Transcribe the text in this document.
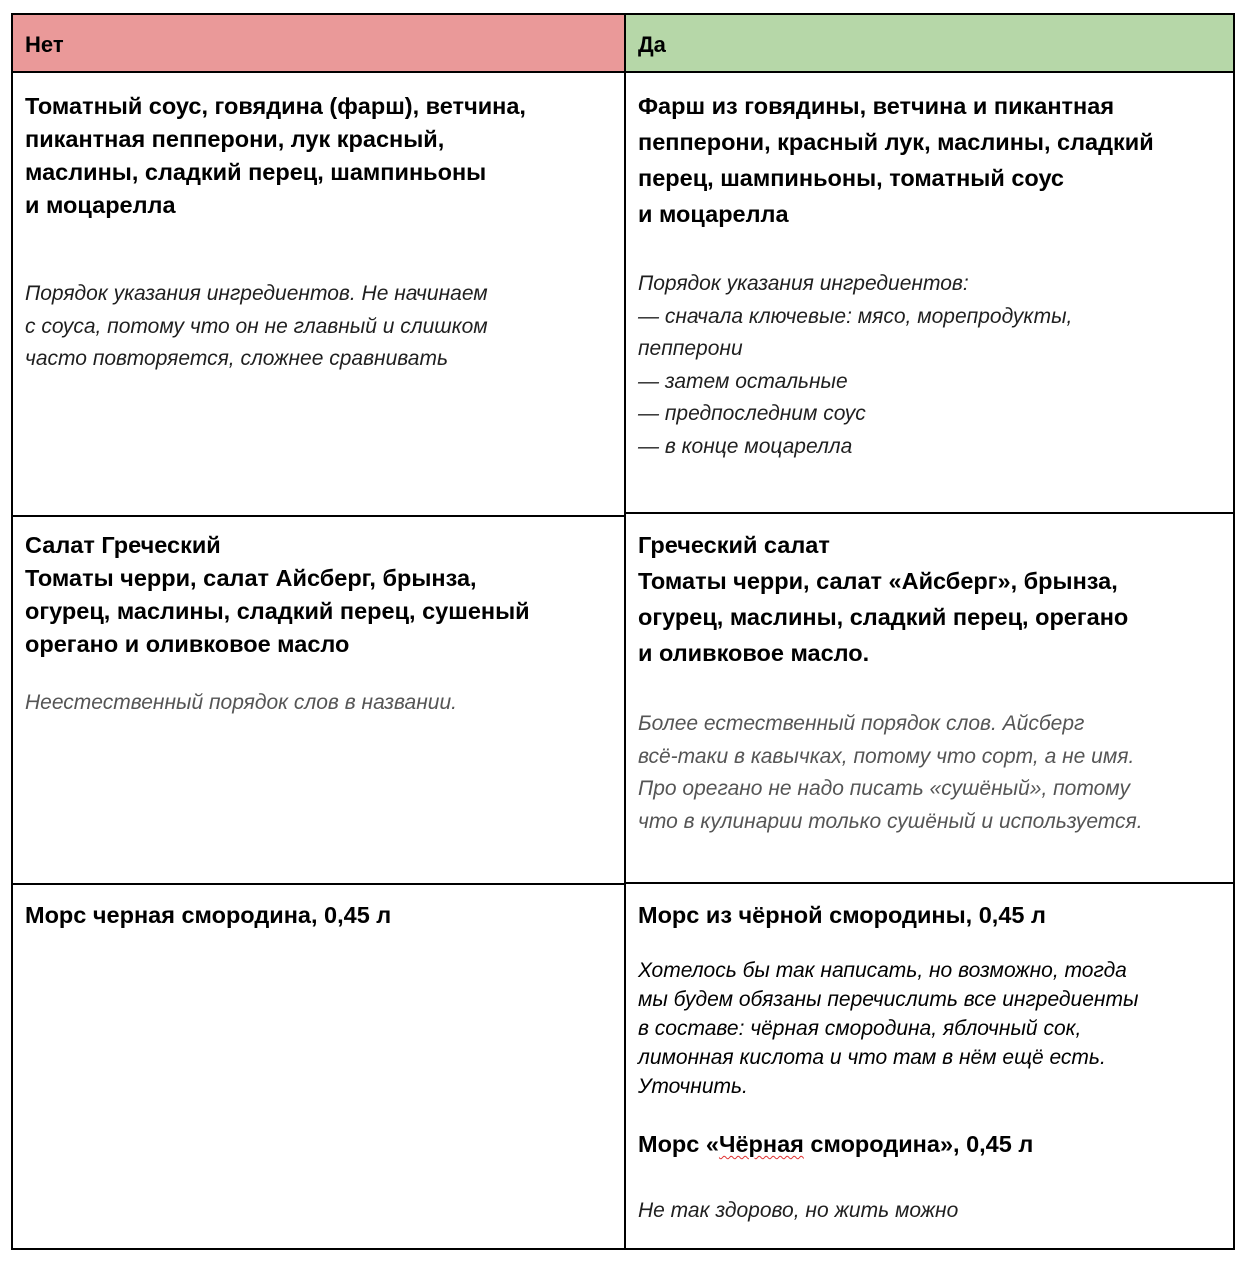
Нет

Томатный соус, говядина (фарш), ветчина,
пикантная пепперони, лук красный,
маслины, сладкий перец, шампиньоны
и моцарелла

Порядок указания ингредиентов. Не начинаем
с соуса, потому что он не главный и слишком
часто повторяется, сложнее сравнивать

Салат Греческий
Томаты черри, салат Айсберг, брынза,
огурец, маслины, сладкий перец, сушеный
орегано и оливковое масло

Неестественный порядок слов в названии.

Морс черная смородина, 0,45 л

Да

Фарш из говядины, ветчина и пикантная
пепперони, красный лук, маслины, сладкий
перец, шампиньоны, томатный соус
и моцарелла

Порядок указания ингредиентов:
— сначала ключевые: мясо, морепродукты,
пепперони
— затем остальные
— предпоследним соус
— в конце моцарелла

Греческий салат
Томаты черри, салат «Айсберг», брынза,
огурец, маслины, сладкий перец, орегано
и оливковое масло.

Более естественный порядок слов. Айсберг
всё-таки в кавычках, потому что сорт, а не имя.
Про орегано не надо писать «сушёный», потому
что в кулинарии только сушёный и используется.

Морс из чёрной смородины, 0,45 л

Хотелось бы так написать, но возможно, тогда
мы будем обязаны перечислить все ингредиенты
в составе: чёрная смородина, яблочный сок,
лимонная кислота и что там в нём ещё есть.
Уточнить.

Морс «Чёрная смородина», 0,45 л

Не так здорово, но жить можно
